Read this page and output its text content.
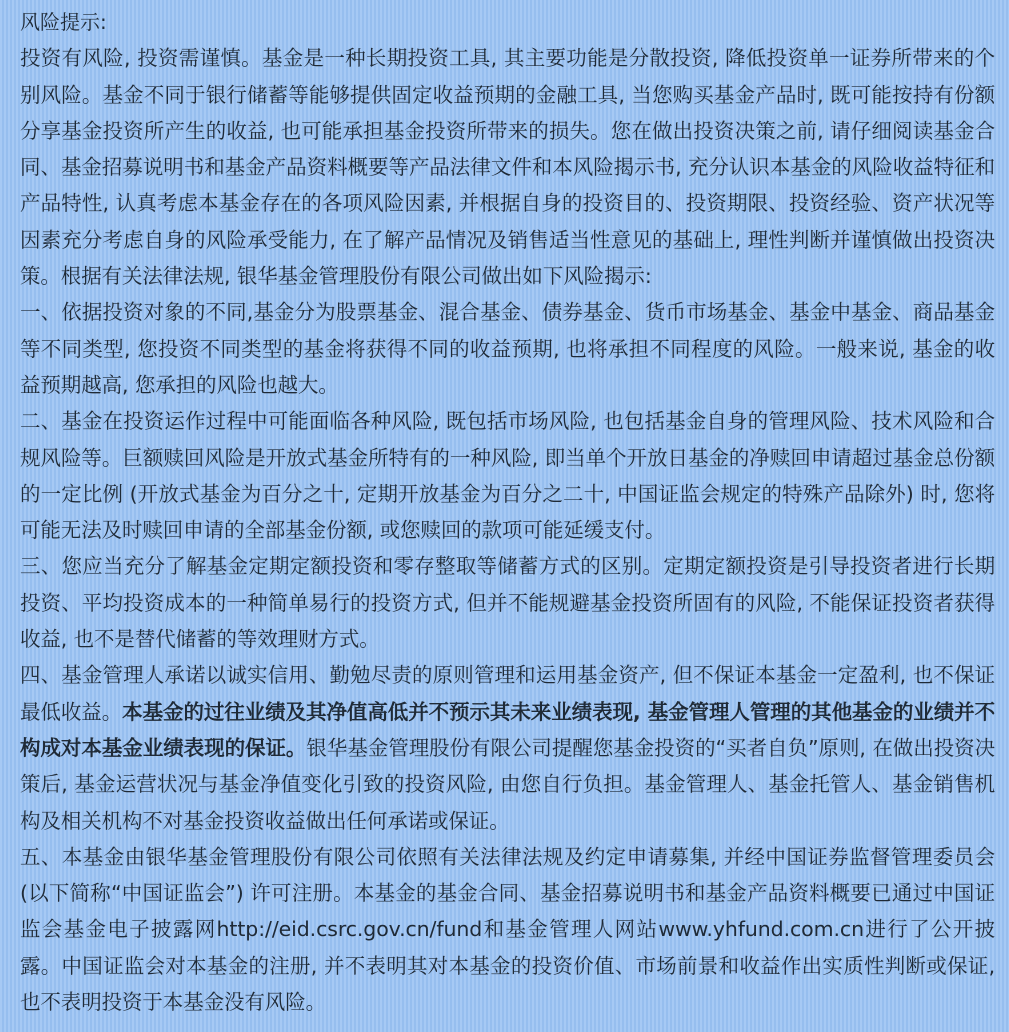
风险提示:

投资有风险, 投资需谨慎。基金是一种长期投资工具, 其主要功能是分散投资, 降低投资单一证券所带来的个别风险。基金不同于银行储蓄等能够提供固定收益预期的金融工具, 当您购买基金产品时, 既可能按持有份额分享基金投资所产生的收益, 也可能承担基金投资所带来的损失。您在做出投资决策之前, 请仔细阅读基金合同、基金招募说明书和基金产品资料概要等产品法律文件和本风险揭示书, 充分认识本基金的风险收益特征和产品特性, 认真考虑本基金存在的各项风险因素, 并根据自身的投资目的、投资期限、投资经验、资产状况等因素充分考虑自身的风险承受能力, 在了解产品情况及销售适当性意见的基础上, 理性判断并谨慎做出投资决策。根据有关法律法规, 银华基金管理股份有限公司做出如下风险揭示:

一、依据投资对象的不同,基金分为股票基金、混合基金、债券基金、货币市场基金、基金中基金、商品基金等不同类型, 您投资不同类型的基金将获得不同的收益预期, 也将承担不同程度的风险。一般来说, 基金的收益预期越高, 您承担的风险也越大。

二、基金在投资运作过程中可能面临各种风险, 既包括市场风险, 也包括基金自身的管理风险、技术风险和合规风险等。巨额赎回风险是开放式基金所特有的一种风险, 即当单个开放日基金的净赎回申请超过基金总份额的一定比例 (开放式基金为百分之十, 定期开放基金为百分之二十, 中国证监会规定的特殊产品除外) 时, 您将可能无法及时赎回申请的全部基金份额, 或您赎回的款项可能延缓支付。

三、您应当充分了解基金定期定额投资和零存整取等储蓄方式的区别。定期定额投资是引导投资者进行长期投资、平均投资成本的一种简单易行的投资方式, 但并不能规避基金投资所固有的风险, 不能保证投资者获得收益, 也不是替代储蓄的等效理财方式。

四、基金管理人承诺以诚实信用、勤勉尽责的原则管理和运用基金资产, 但不保证本基金一定盈利, 也不保证最低收益。本基金的过往业绩及其净值高低并不预示其未来业绩表现, 基金管理人管理的其他基金的业绩并不构成对本基金业绩表现的保证。银华基金管理股份有限公司提醒您基金投资的“买者自负”原则, 在做出投资决策后, 基金运营状况与基金净值变化引致的投资风险, 由您自行负担。基金管理人、基金托管人、基金销售机构及相关机构不对基金投资收益做出任何承诺或保证。

五、本基金由银华基金管理股份有限公司依照有关法律法规及约定申请募集, 并经中国证券监督管理委员会 (以下简称“中国证监会”) 许可注册。本基金的基金合同、基金招募说明书和基金产品资料概要已通过中国证监会基金电子披露网http://eid.csrc.gov.cn/fund和基金管理人网站www.yhfund.com.cn进行了公开披露。中国证监会对本基金的注册, 并不表明其对本基金的投资价值、市场前景和收益作出实质性判断或保证, 也不表明投资于本基金没有风险。
